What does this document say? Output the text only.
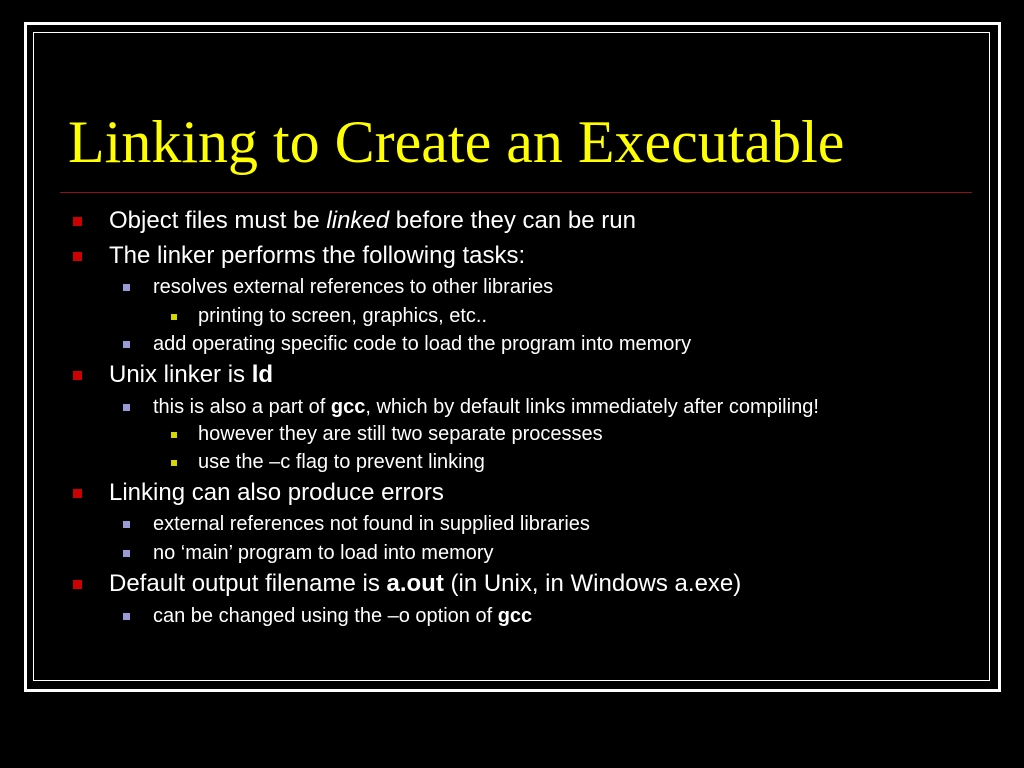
Linking to Create an Executable
Object files must be linked before they can be run
The linker performs the following tasks:
resolves external references to other libraries
printing to screen, graphics, etc..
add operating specific code to load the program into memory
Unix linker is ld
this is also a part of gcc, which by default links immediately after compiling!
however they are still two separate processes
use the –c flag to prevent linking
Linking can also produce errors
external references not found in supplied libraries
no ‘main’ program to load into memory
Default output filename is a.out (in Unix, in Windows a.exe)
can be changed using the –o option of gcc
